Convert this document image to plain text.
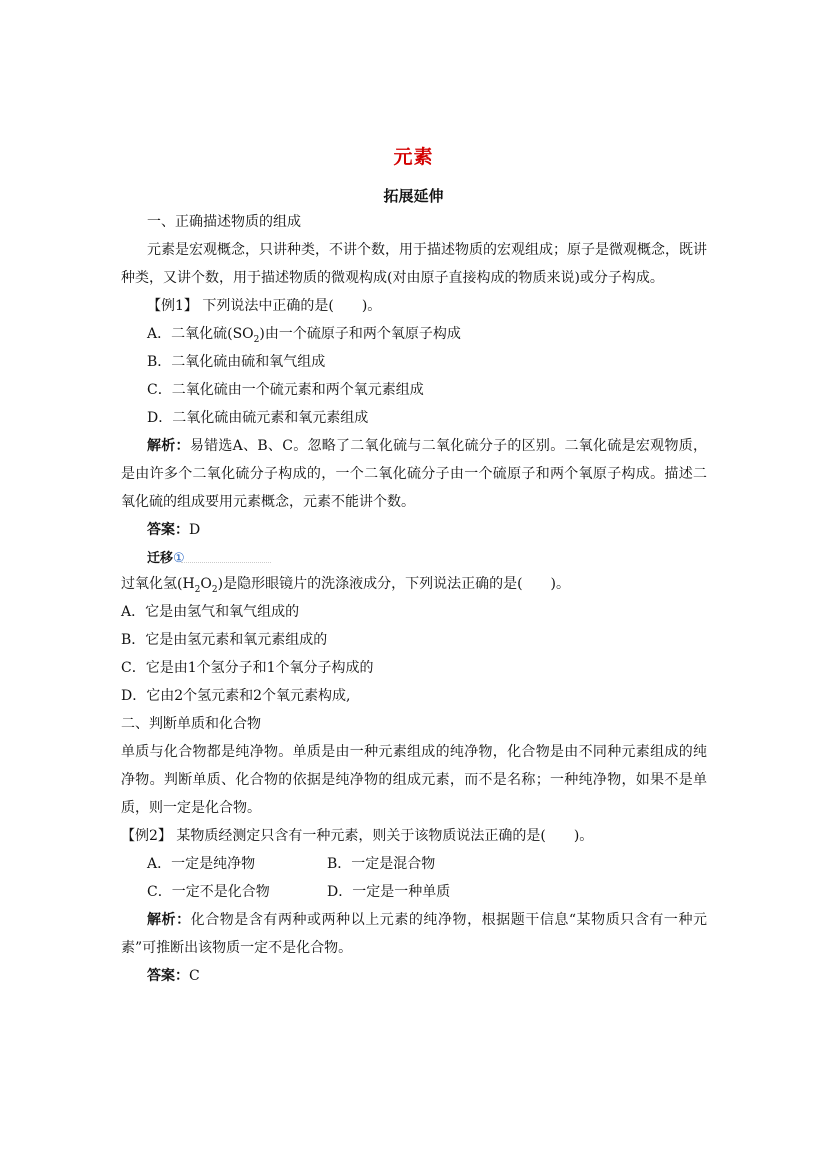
元素
拓展延伸

一、正确描述物质的组成

元素是宏观概念，只讲种类，不讲个数，用于描述物质的宏观组成；原子是微观概念，既讲种类，又讲个数，用于描述物质的微观构成(对由原子直接构成的物质来说)或分子构成。

【例1】 下列说法中正确的是(　　)。

A．二氧化硫$(SO_2)$由一个硫原子和两个氧原子构成

B．二氧化硫由硫和氧气组成

C．二氧化硫由一个硫元素和两个氧元素组成

D．二氧化硫由硫元素和氧元素组成

解析：易错选A、B、C。忽略了二氧化硫与二氧化硫分子的区别。二氧化硫是宏观物质，是由许多个二氧化硫分子构成的，一个二氧化硫分子由一个硫原子和两个氧原子构成。描述二氧化硫的组成要用元素概念，元素不能讲个数。

答案：D

迁移①

过氧化氢$(H_2O_2)$是隐形眼镜片的洗涤液成分，下列说法正确的是(　　)。

A．它是由氢气和氧气组成的

B．它是由氢元素和氧元素组成的

C．它是由1个氢分子和1个氧分子构成的

D．它由2个氢元素和2个氧元素构成,

二、判断单质和化合物

单质与化合物都是纯净物。单质是由一种元素组成的纯净物，化合物是由不同种元素组成的纯净物。判断单质、化合物的依据是纯净物的组成元素，而不是名称；一种纯净物，如果不是单质，则一定是化合物。

【例2】 某物质经测定只含有一种元素，则关于该物质说法正确的是(　　)。

A．一定是纯净物	B．一定是混合物
C．一定不是化合物	D．一定是一种单质

解析：化合物是含有两种或两种以上元素的纯净物，根据题干信息“某物质只含有一种元素”可推断出该物质一定不是化合物。

答案：C
